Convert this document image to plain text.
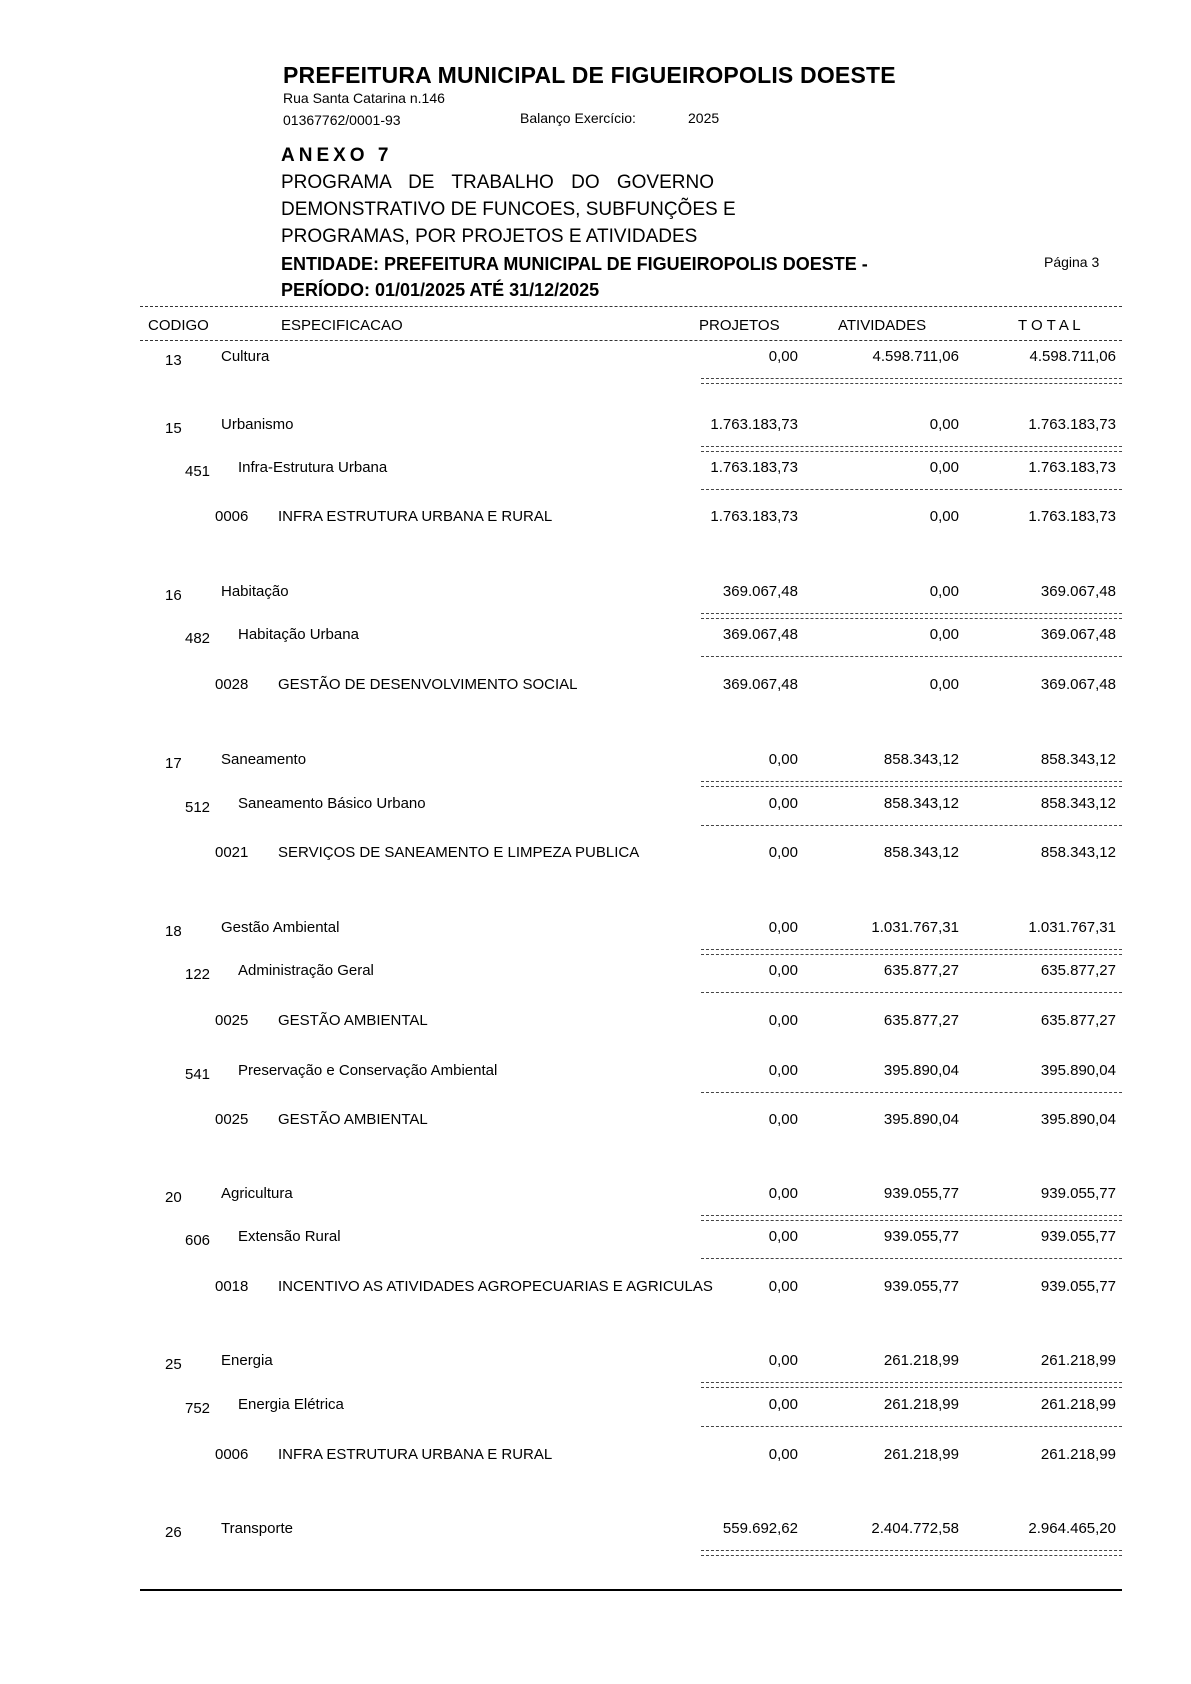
PREFEITURA MUNICIPAL DE FIGUEIROPOLIS DOESTE
Rua Santa Catarina n.146
01367762/0001-93	Balanço Exercício:	2025
ANEXO 7
PROGRAMA DE TRABALHO DO GOVERNO
DEMONSTRATIVO DE FUNCOES, SUBFUNÇÕES E
PROGRAMAS, POR PROJETOS E ATIVIDADES
ENTIDADE: PREFEITURA MUNICIPAL DE FIGUEIROPOLIS DOESTE -
PERÍODO: 01/01/2025 ATÉ 31/12/2025
Página 3
CODIGO	ESPECIFICACAO	PROJETOS	ATIVIDADES	T O T A L
13	Cultura	0,00	4.598.711,06	4.598.711,06
15	Urbanismo	1.763.183,73	0,00	1.763.183,73
451 Infra-Estrutura Urbana	1.763.183,73	0,00	1.763.183,73
0006 INFRA ESTRUTURA URBANA E RURAL	1.763.183,73	0,00	1.763.183,73
16	Habitação	369.067,48	0,00	369.067,48
482 Habitação Urbana	369.067,48	0,00	369.067,48
0028 GESTÃO DE DESENVOLVIMENTO SOCIAL	369.067,48	0,00	369.067,48
17	Saneamento	0,00	858.343,12	858.343,12
512 Saneamento Básico Urbano	0,00	858.343,12	858.343,12
0021 SERVIÇOS DE SANEAMENTO E LIMPEZA PUBLICA	0,00	858.343,12	858.343,12
18	Gestão Ambiental	0,00	1.031.767,31	1.031.767,31
122 Administração Geral	0,00	635.877,27	635.877,27
0025 GESTÃO AMBIENTAL	0,00	635.877,27	635.877,27
541 Preservação e Conservação Ambiental	0,00	395.890,04	395.890,04
0025 GESTÃO AMBIENTAL	0,00	395.890,04	395.890,04
20	Agricultura	0,00	939.055,77	939.055,77
606 Extensão Rural	0,00	939.055,77	939.055,77
0018 INCENTIVO AS ATIVIDADES AGROPECUARIAS E AGRICULAS	0,00	939.055,77	939.055,77
25	Energia	0,00	261.218,99	261.218,99
752 Energia Elétrica	0,00	261.218,99	261.218,99
0006 INFRA ESTRUTURA URBANA E RURAL	0,00	261.218,99	261.218,99
26	Transporte	559.692,62	2.404.772,58	2.964.465,20
